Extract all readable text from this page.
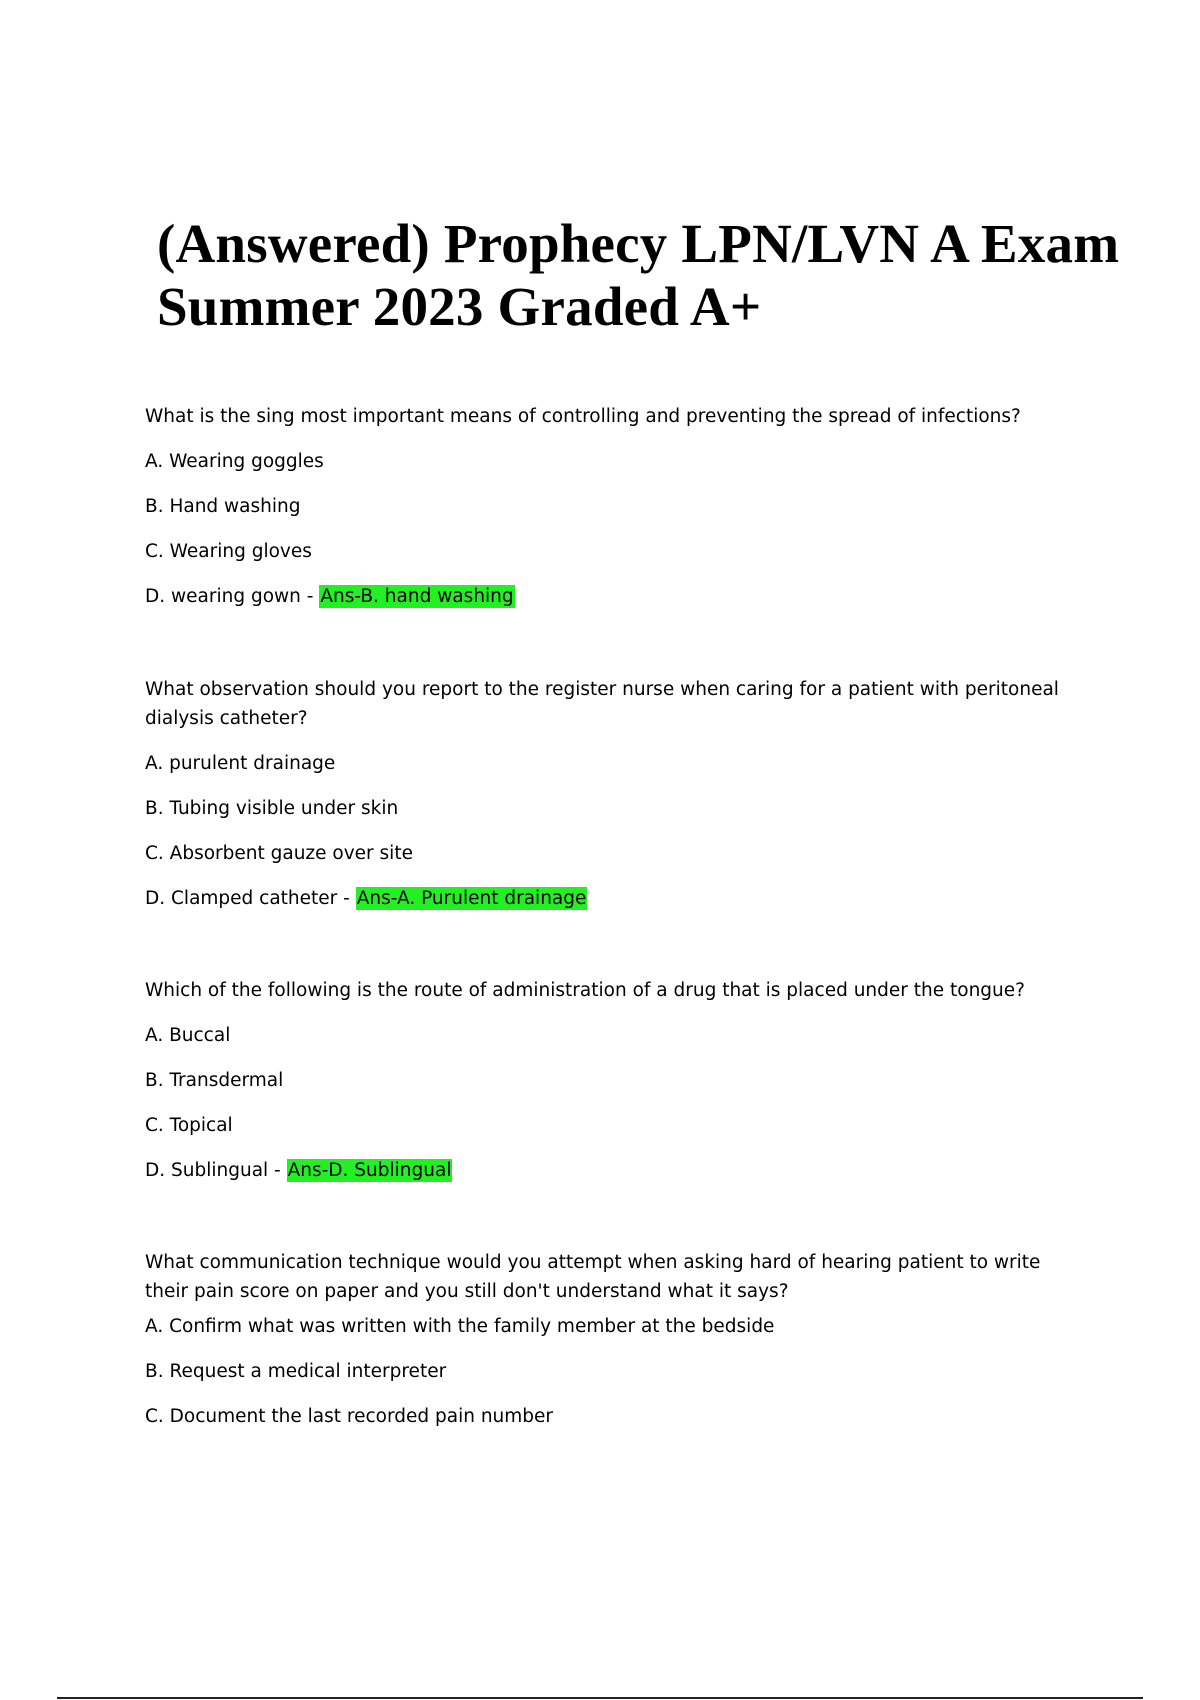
(Answered) Prophecy LPN/LVN A Exam
Summer 2023 Graded A+

What is the sing most important means of controlling and preventing the spread of infections?

A. Wearing goggles

B. Hand washing

C. Wearing gloves

D. wearing gown - Ans-B. hand washing

What observation should you report to the register nurse when caring for a patient with peritoneal dialysis catheter?

A. purulent drainage

B. Tubing visible under skin

C. Absorbent gauze over site

D. Clamped catheter - Ans-A. Purulent drainage

Which of the following is the route of administration of a drug that is placed under the tongue?

A. Buccal

B. Transdermal

C. Topical

D. Sublingual - Ans-D. Sublingual

What communication technique would you attempt when asking hard of hearing patient to write their pain score on paper and you still don't understand what it says?

A. Confirm what was written with the family member at the bedside

B. Request a medical interpreter

C. Document the last recorded pain number
